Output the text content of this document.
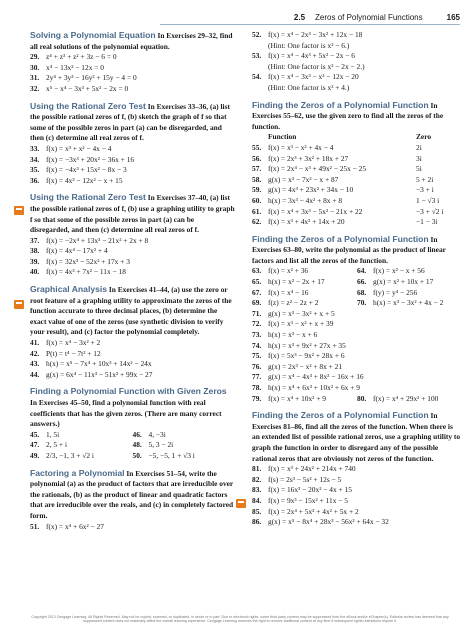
2.5 Zeros of Polynomial Functions	165
Solving a Polynomial Equation In Exercises 29–32, find all real solutions of the polynomial equation.
29. z⁴ + z³ + z² + 3z − 6 = 0
30. x⁴ − 13x² − 12x = 0
31. 2y⁴ + 3y³ − 16y² + 15y − 4 = 0
32. x⁵ − x⁴ − 3x³ + 5x² − 2x = 0
Using the Rational Zero Test In Exercises 33–36, (a) list the possible rational zeros of f, (b) sketch the graph of f so that some of the possible zeros in part (a) can be disregarded, and then (c) determine all real zeros of f.
33. f(x) = x³ + x² − 4x − 4
34. f(x) = −3x³ + 20x² − 36x + 16
35. f(x) = −4x³ + 15x² − 8x − 3
36. f(x) = 4x³ − 12x² − x + 15
Using the Rational Zero Test In Exercises 37–40, (a) list the possible rational zeros of f, (b) use a graphing utility to graph f so that some of the possible zeros in part (a) can be disregarded, and then (c) determine all real zeros of f.
37. f(x) = −2x⁴ + 13x³ − 21x² + 2x + 8
38. f(x) = 4x⁴ − 17x² + 4
39. f(x) = 32x³ − 52x² + 17x + 3
40. f(x) = 4x³ + 7x² − 11x − 18
Graphical Analysis In Exercises 41–44, (a) use the zero or root feature of a graphing utility to approximate the zeros of the function accurate to three decimal places, (b) determine the exact value of one of the zeros (use synthetic division to verify your result), and (c) factor the polynomial completely.
41. f(x) = x⁴ − 3x² + 2
42. P(t) = t⁴ − 7t² + 12
43. h(x) = x⁵ − 7x⁴ + 10x³ + 14x² − 24x
44. g(x) = 6x⁴ − 11x³ − 51x² + 99x − 27
Finding a Polynomial Function with Given Zeros In Exercises 45–50, find a polynomial function with real coefficients that has the given zeros. (There are many correct answers.)
45. 1, 5i	46. 4, −3i
47. 2, 5 + i	48. 5, 3 − 2i
49. 2/3, −1, 3 + √2 i	50. −5, −5, 1 + √3 i
Factoring a Polynomial In Exercises 51–54, write the polynomial (a) as the product of factors that are irreducible over the rationals, (b) as the product of linear and quadratic factors that are irreducible over the reals, and (c) in completely factored form.
51. f(x) = x⁴ + 6x² − 27
52. f(x) = x⁴ − 2x³ − 3x² + 12x − 18
(Hint: One factor is x² − 6.)
53. f(x) = x⁴ − 4x³ + 5x² − 2x − 6
(Hint: One factor is x² − 2x − 2.)
54. f(x) = x⁴ − 3x³ − x² − 12x − 20
(Hint: One factor is x² + 4.)
Finding the Zeros of a Polynomial Function In Exercises 55–62, use the given zero to find all the zeros of the function.
Function	Zero
55. f(x) = x³ − x² + 4x − 4	2i
56. f(x) = 2x³ + 3x² + 18x + 27	3i
57. f(x) = 2x⁴ − x³ + 49x² − 25x − 25	5i
58. g(x) = x³ − 7x² − x + 87	5 + 2i
59. g(x) = 4x³ + 23x² + 34x − 10	−3 + i
60. h(x) = 3x³ − 4x² + 8x + 8	1 − √3 i
61. f(x) = x⁴ + 3x³ − 5x² − 21x + 22	−3 + √2 i
62. f(x) = x³ + 4x² + 14x + 20	−1 − 3i
Finding the Zeros of a Polynomial Function In Exercises 63–80, write the polynomial as the product of linear factors and list all the zeros of the function.
63. f(x) = x² + 36	64. f(x) = x² − x + 56
65. h(x) = x² − 2x + 17	66. g(x) = x² + 10x + 17
67. f(x) = x⁴ − 16	68. f(y) = y⁴ − 256
69. f(z) = z² − 2z + 2	70. h(x) = x³ − 3x² + 4x − 2
71. g(x) = x³ − 3x² + x + 5
72. f(x) = x³ − x² + x + 39
73. h(x) = x³ − x + 6
74. h(x) = x³ + 9x² + 27x + 35
75. f(x) = 5x³ − 9x² + 28x + 6
76. g(x) = 2x³ − x² + 8x + 21
77. g(x) = x⁴ − 4x³ + 8x² − 16x + 16
78. h(x) = x⁴ + 6x³ + 10x² + 6x + 9
79. f(x) = x⁴ + 10x² + 9	80. f(x) = x⁴ + 29x² + 100
Finding the Zeros of a Polynomial Function In Exercises 81–86, find all the zeros of the function. When there is an extended list of possible rational zeros, use a graphing utility to graph the function in order to disregard any of the possible rational zeros that are obviously not zeros of the function.
81. f(x) = x³ + 24x² + 214x + 740
82. f(s) = 2s³ − 5s² + 12s − 5
83. f(x) = 16x³ − 20x² − 4x + 15
84. f(x) = 9x³ − 15x² + 11x − 5
85. f(x) = 2x⁴ + 5x³ + 4x² + 5x + 2
86. g(x) = x⁵ − 8x⁴ + 28x³ − 56x² + 64x − 32
Copyright 2013 Cengage Learning. All Rights Reserved. May not be copied, scanned, or duplicated, in whole or in part. Due to electronic rights, some third party content may be suppressed from the eBook and/or eChapter(s). Editorial review has deemed that any suppressed content does not materially affect the overall learning experience. Cengage Learning reserves the right to remove additional content at any time if subsequent rights restrictions require it.
